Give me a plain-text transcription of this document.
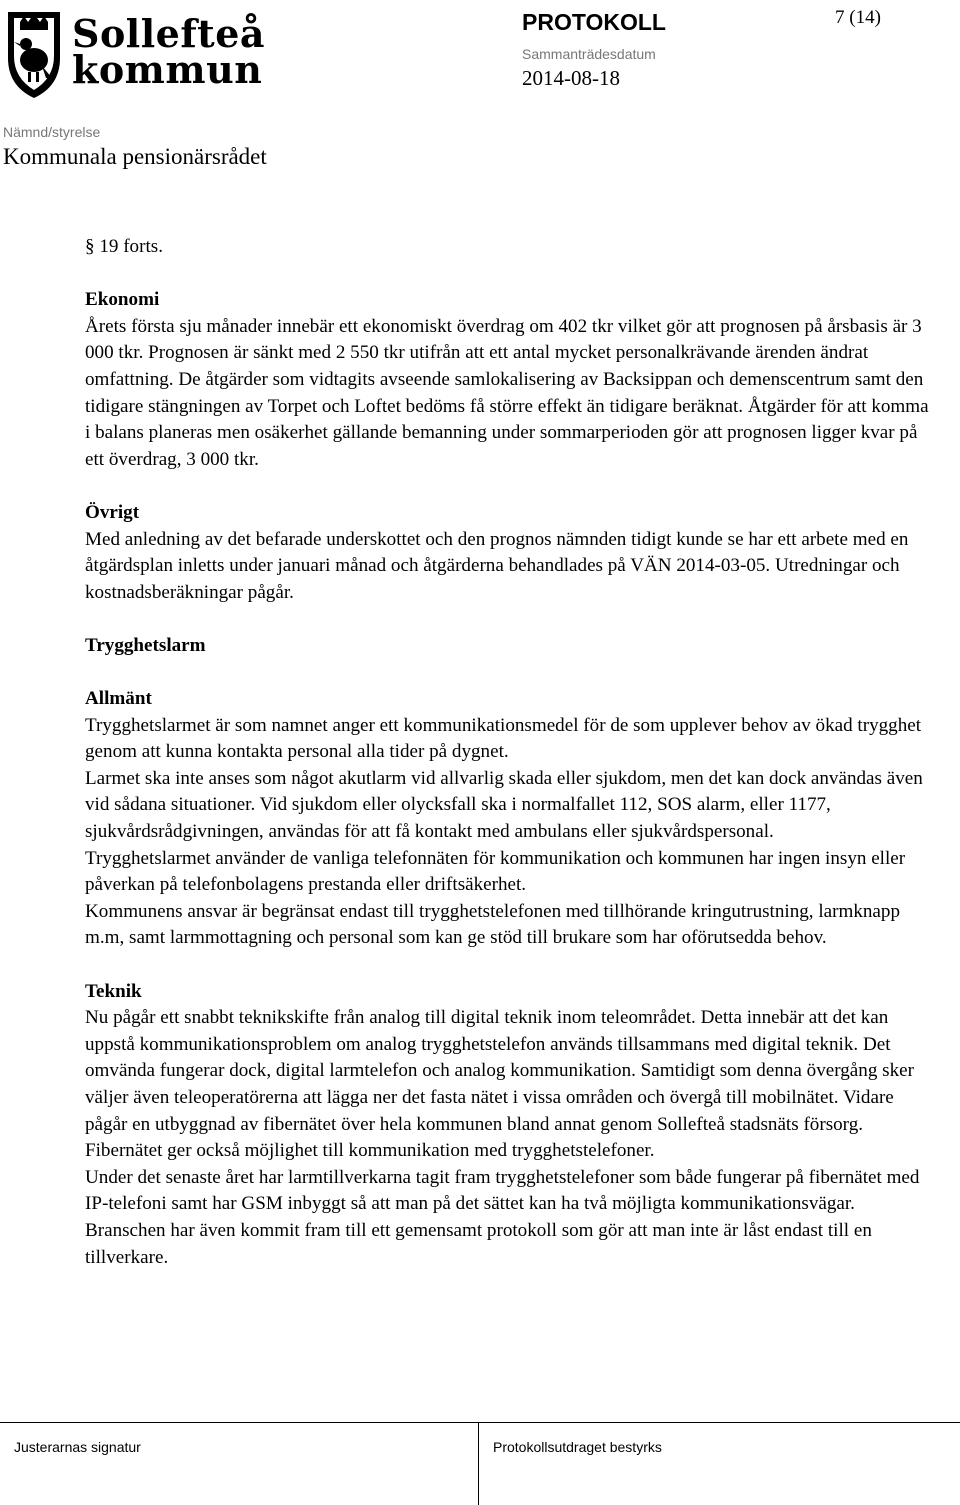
Sollefteå
kommun
PROTOKOLL	7 (14)
Sammanträdesdatum
2014-08-18
Nämnd/styrelse
Kommunala pensionärsrådet

§ 19 forts.

Ekonomi

Årets första sju månader innebär ett ekonomiskt överdrag om 402 tkr vilket gör att prognosen på årsbasis är 3 000 tkr. Prognosen är sänkt med 2 550 tkr utifrån att ett antal mycket personalkrävande ärenden ändrat omfattning. De åtgärder som vidtagits avseende samlokalisering av Backsippan och demenscentrum samt den tidigare stängningen av Torpet och Loftet bedöms få större effekt än tidigare beräknat. Åtgärder för att komma i balans planeras men osäkerhet gällande bemanning under sommarperioden gör att prognosen ligger kvar på ett överdrag, 3 000 tkr.

Övrigt

Med anledning av det befarade underskottet och den prognos nämnden tidigt kunde se har ett arbete med en åtgärdsplan inletts under januari månad och åtgärderna behandlades på VÄN 2014-03-05. Utredningar och kostnadsberäkningar pågår.

Trygghetslarm
Allmänt

Trygghetslarmet är som namnet anger ett kommunikationsmedel för de som upplever behov av ökad trygghet genom att kunna kontakta personal alla tider på dygnet.

Larmet ska inte anses som något akutlarm vid allvarlig skada eller sjukdom, men det kan dock användas även vid sådana situationer. Vid sjukdom eller olycksfall ska i normalfallet 112, SOS alarm, eller 1177, sjukvårdsrådgivningen, användas för att få kontakt med ambulans eller sjukvårdspersonal.

Trygghetslarmet använder de vanliga telefonnäten för kommunikation och kommunen har ingen insyn eller påverkan på telefonbolagens prestanda eller driftsäkerhet.

Kommunens ansvar är begränsat endast till trygghetstelefonen med tillhörande kringutrustning, larmknapp m.m, samt larmmottagning och personal som kan ge stöd till brukare som har oförutsedda behov.

Teknik

Nu pågår ett snabbt teknikskifte från analog till digital teknik inom teleområdet. Detta innebär att det kan uppstå kommunikationsproblem om analog trygghetstelefon används tillsammans med digital teknik. Det omvända fungerar dock, digital larmtelefon och analog kommunikation. Samtidigt som denna övergång sker väljer även teleoperatörerna att lägga ner det fasta nätet i vissa områden och övergå till mobilnätet. Vidare pågår en utbyggnad av fibernätet över hela kommunen bland annat genom Sollefteå stadsnäts försorg. Fibernätet ger också möjlighet till kommunikation med trygghetstelefoner.

Under det senaste året har larmtillverkarna tagit fram trygghetstelefoner som både fungerar på fibernätet med IP-telefoni samt har GSM inbyggt så att man på det sättet kan ha två möjligta kommunikationsvägar. Branschen har även kommit fram till ett gemensamt protokoll som gör att man inte är låst endast till en tillverkare.

Justerarnas signatur	Protokollsutdraget bestyrks
